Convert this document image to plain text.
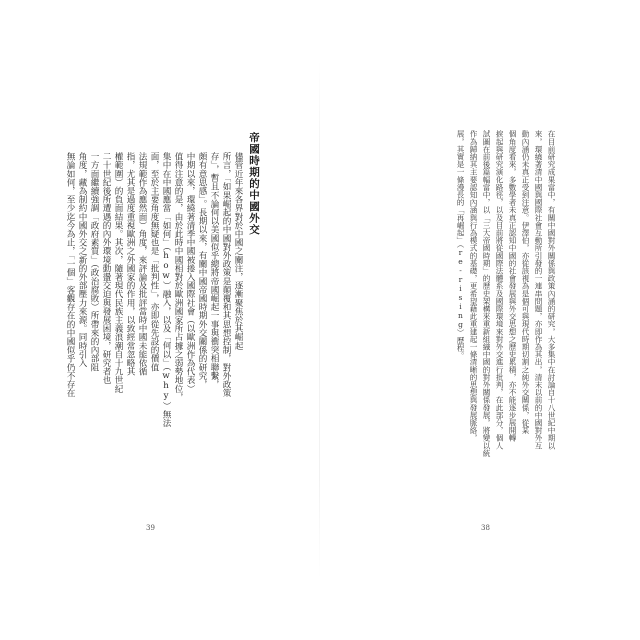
帝國時期的中國外交
儘管近年來各界對於中國之關注，逐漸聚焦於其崛起
所言，「如果崛起的中國對外政策是顛覆和其思想控制，對外政策
存」，暫且不論何以美國似乎總將帝國崛起一事與衝突相聯繫，
頗有意思感」。長期以來，有關中國帝國時期外交關係的研究，
中期以來，環繞著清季中國被捲入國際社會（以歐洲作為代表）
值得注意的是，由於此時中國相對於歐洲國家所占據之弱勢地位，
集中在中國應當「如何」（how）融入，以及「何以」（why）無法
面，至於主要角度無疑也是「批判性」，亦即從先設的價值
法規範作為應然面）角度，來評論及批評當時中國未能依循
指，尤其是過度重視歐洲之外國家的作用，以致經常忽略其
權範圍）的負面結果。其次，隨著現代民族主義浪潮自十九世紀
二十世紀後所遭遇的內外環境動盪交迫與發展困境，研究者也
一方面繼續強調「政府素質」（政治腐敗）所帶來的內部阻
角度，藏為制約中國外交之新的外部壓力來源。同時引入
無論如何，至少迄今為止，「一個」客觀存在的中國似乎仍不存在
39
在目前研究成果當中，有關中國對外關係與政策內涵的研究，大多集中在討論自十八世紀中期以
來，環繞著清中國與國際社會互動所引發的一連串問題，亦即作為其出，清末以前的中國對外互
動內涵仍未真正受到注意。伊澤伯，亦從該視為是個可與現代時期切割之純外交關係，從某
個角度看來，多數學者未真正認知中國的社會發展與外交思想之歷史累積，亦不能逐步展開轉
捩起與研究演化路徑，以及目前將從國際法體系及國際環境來對外交進行批判，在此部分，個人
試圖在前後篇幅當中，以「三大帝國時期」的歷史架構來重新組織中國的對外關係發展，將變以統
作為歸納其主要認知內涵與行為模式的基礎，更希望藉此重建起一條清晰的思想與發展脈絡，
展，其實是一條漫長的「再崛起」（re-rising）歷程。
38
